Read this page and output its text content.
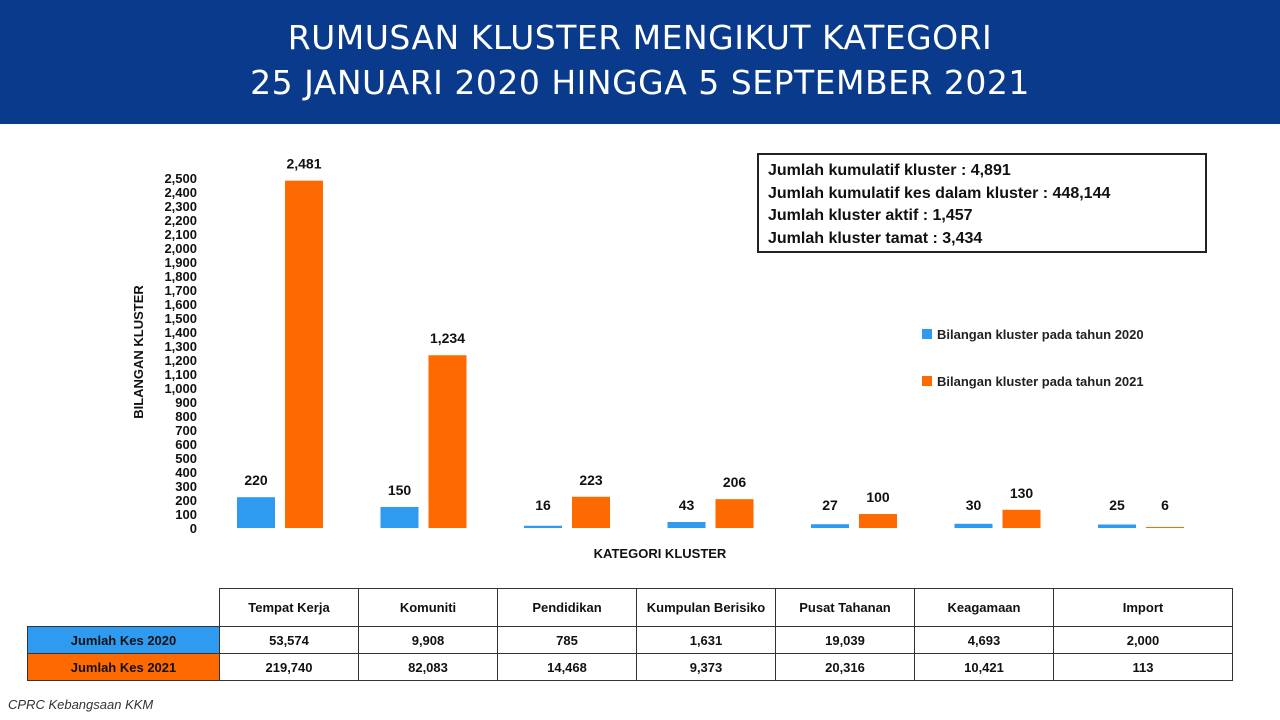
RUMUSAN KLUSTER MENGIKUT KATEGORI
25 JANUARI 2020 HINGGA 5 SEPTEMBER 2021
0
100
200
300
400
500
600
700
800
900
1,000
1,100
1,200
1,300
1,400
1,500
1,600
1,700
1,800
1,900
2,000
2,100
2,200
2,300
2,400
2,500
220
2,481
150
1,234
16
223
43
206
27 100	30
130
25	6
BILANGAN KLUSTER
KATEGORI KLUSTER
Bilangan kluster pada tahun 2020
Bilangan kluster pada tahun 2021
Jumlah kumulatif kluster : 4,891
Jumlah kumulatif kes dalam kluster : 448,144
Jumlah kluster aktif : 1,457
Jumlah kluster tamat : 3,434
	Tempat Kerja	Komuniti	Pendidikan	Kumpulan Berisiko	Pusat Tahanan	Keagamaan	Import
Jumlah Kes 2020	53,574	9,908	785	1,631	19,039	4,693	2,000
Jumlah Kes 2021	219,740	82,083	14,468	9,373	20,316	10,421	113
CPRC Kebangsaan KKM
